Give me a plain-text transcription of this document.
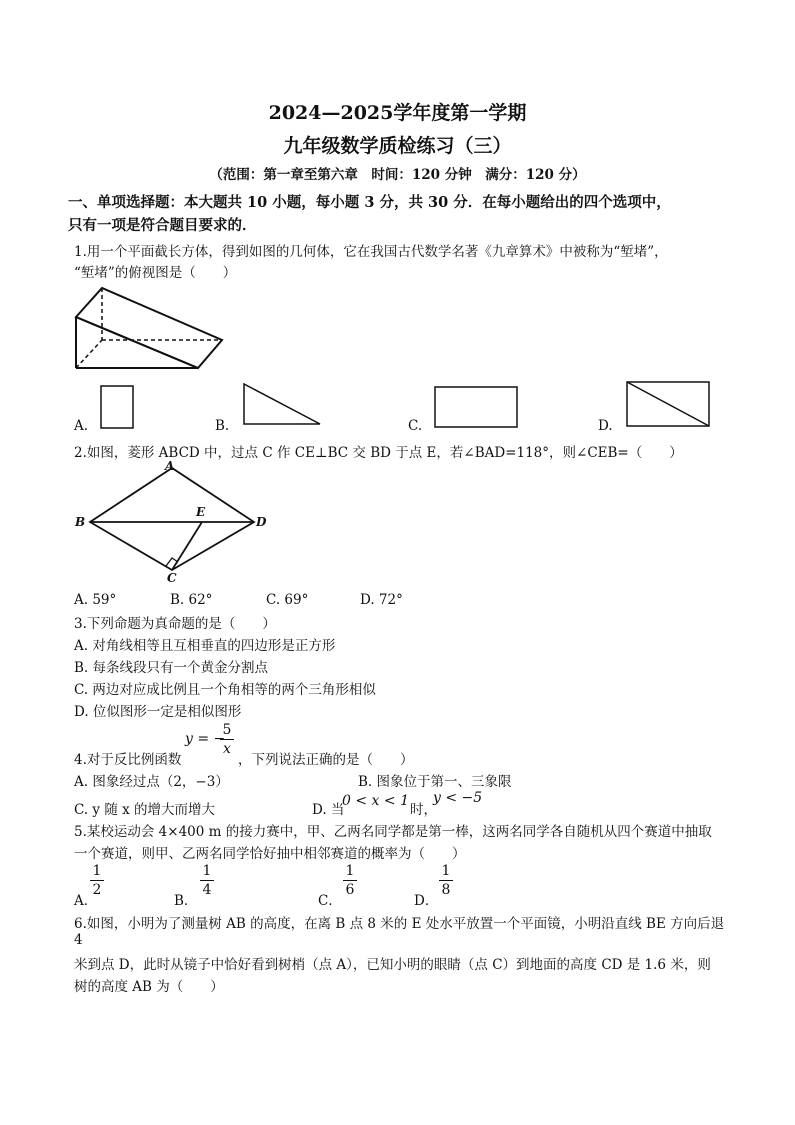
2024—2025学年度第一学期
九年级数学质检练习（三）
（范围：第一章至第六章　时间：120 分钟　满分：120 分）
一、单项选择题：本大题共 10 小题，每小题 3 分，共 30 分．在每小题给出的四个选项中，
只有一项是符合题目要求的．
1.用一个平面截长方体，得到如图的几何体，它在我国古代数学名著《九章算术》中被称为“堑堵”，
“堑堵”的俯视图是（　　）
A.	B.	C.	D.
2.如图，菱形 ABCD 中，过点 C 作 CE⊥BC 交 BD 于点 E，若∠BAD=118°，则∠CEB=（　　）
A
B
C
D
E
A. 59°	B. 62°	C. 69°	D. 72°
3.下列命题为真命题的是（　　）
A. 对角线相等且互相垂直的四边形是正方形
B. 每条线段只有一个黄金分割点
C. 两边对应成比例且一个角相等的两个三角形相似
D. 位似图形一定是相似图形
4.对于反比例函数
y = −
$\frac{5}{x}$
，下列说法正确的是（　　）
A. 图象经过点（2，−3）	B. 图象位于第一、三象限
C. y 随 x 的增大而增大	D. 当
0 < x < 1
时，
y < −5
5.某校运动会 4×400 m 的接力赛中，甲、乙两名同学都是第一棒，这两名同学各自随机从四个赛道中抽取
一个赛道，则甲、乙两名同学恰好抽中相邻赛道的概率为（　　）
A．
$\frac{1}{2}$
B．
$\frac{1}{4}$
C．
$\frac{1}{6}$
D．
$\frac{1}{8}$
6.如图，小明为了测量树 AB 的高度，在离 B 点 8 米的 E 处水平放置一个平面镜，小明沿直线 BE 方向后退
4
米到点 D，此时从镜子中恰好看到树梢（点 A），已知小明的眼睛（点 C）到地面的高度 CD 是 1.6 米，则
树的高度 AB 为（　　）
